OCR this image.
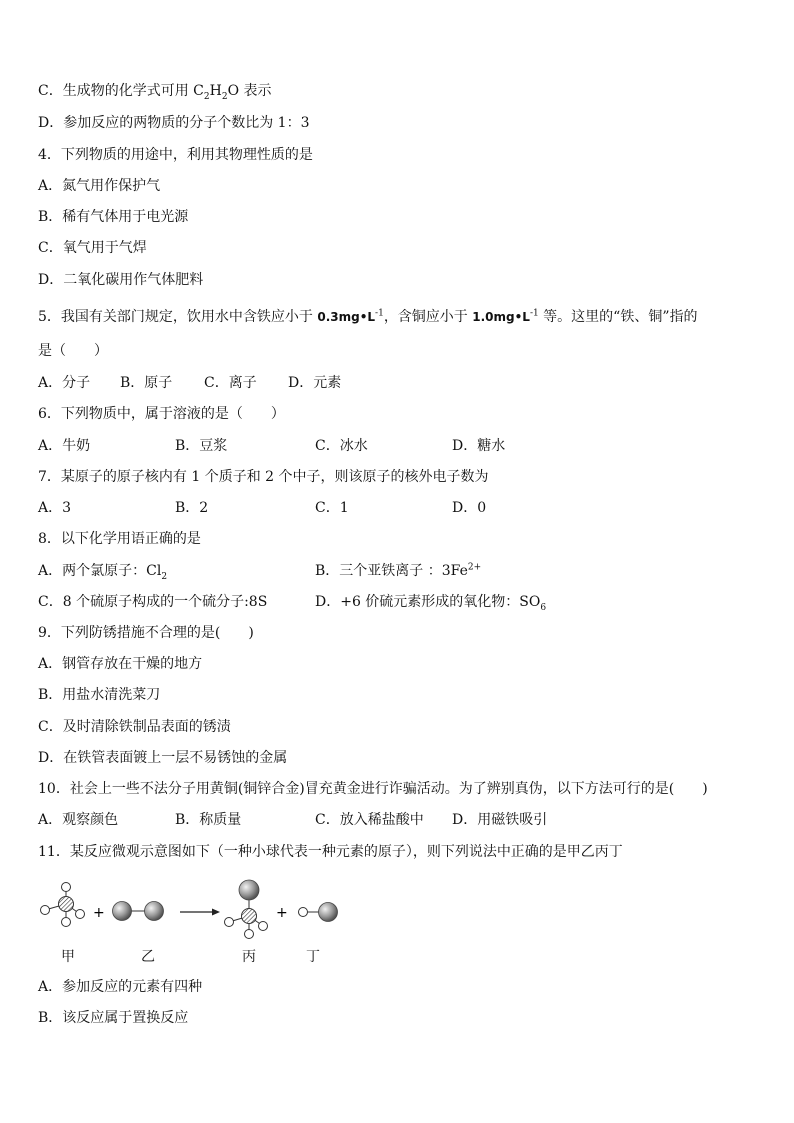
C．生成物的化学式可用 $C_2H_2O$ 表示
D．参加反应的两物质的分子个数比为 1：3
4．下列物质的用途中，利用其物理性质的是
A．氮气用作保护气
B．稀有气体用于电光源
C．氧气用于气焊
D．二氧化碳用作气体肥料
5．我国有关部门规定，饮用水中含铁应小于 $0.3mg•L^{-1}$，含铜应小于 $1.0mg•L^{-1}$ 等。这里的“铁、铜”指的
是（　　）
A．分子 B．原子 C．离子 D．元素
6．下列物质中，属于溶液的是（　　）
A．牛奶	B．豆浆	C．冰水	D．糖水
7．某原子的原子核内有 1 个质子和 2 个中子，则该原子的核外电子数为
A．3	B．2	C．1	D．0
8．以下化学用语正确的是
A．两个氯原子：$Cl_2$	B．三个亚铁离子 ：$3Fe^{2+}$
C．8 个硫原子构成的一个硫分子:8S	D．+6 价硫元素形成的氧化物：$SO_6$
9．下列防锈措施不合理的是(　　)
A．钢管存放在干燥的地方
B．用盐水清洗菜刀
C．及时清除铁制品表面的锈渍
D．在铁管表面镀上一层不易锈蚀的金属
10．社会上一些不法分子用黄铜(铜锌合金)冒充黄金进行诈骗活动。为了辨别真伪，以下方法可行的是(　　)
A．观察颜色	B．称质量	C．放入稀盐酸中 D．用磁铁吸引
11．某反应微观示意图如下（一种小球代表一种元素的原子），则下列说法中正确的是甲乙丙丁
+	+
甲	乙	丙	丁
A．参加反应的元素有四种
B．该反应属于置换反应
